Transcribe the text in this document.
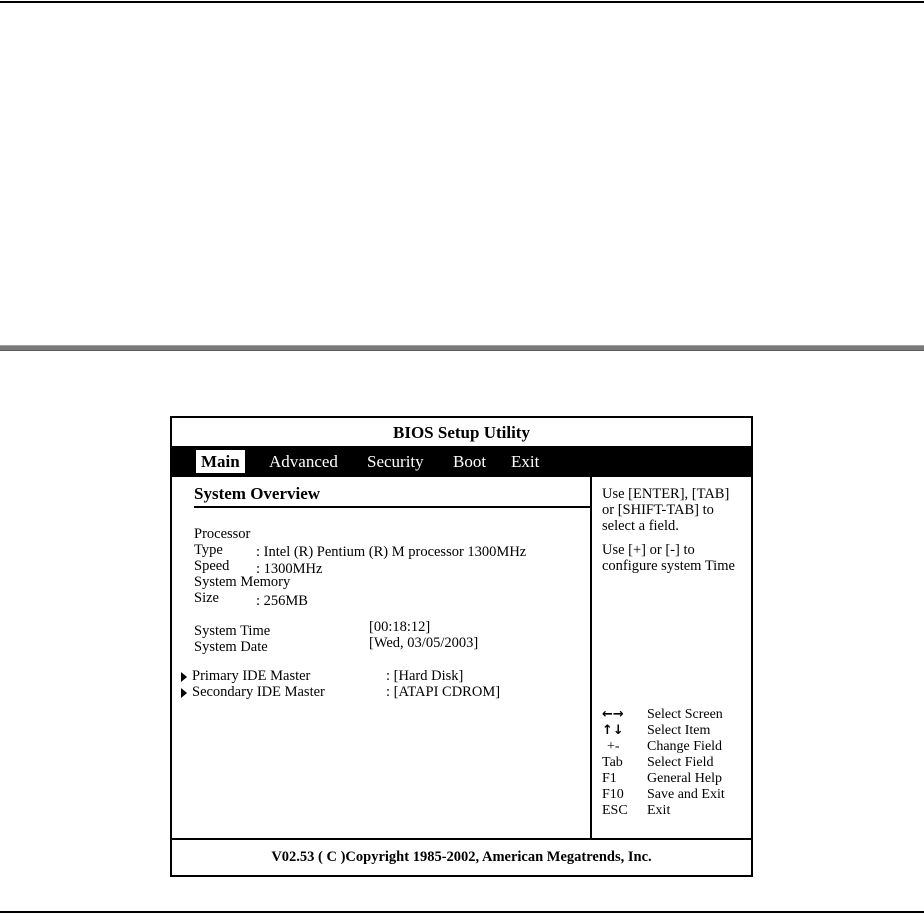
BIOS Setup Utility
Main Advanced Security Boot Exit
System Overview
Processor
Type : Intel (R) Pentium (R) M processor 1300MHz
Speed : 1300MHz
System Memory
Size	: 256MB
System Time	[00:18:12]
System Date	[Wed, 03/05/2003]
Primary IDE Master	: [Hard Disk]
Secondary IDE Master	: [ATAPI CDROM]
Use [ENTER], [TAB]
or [SHIFT-TAB] to
select a field.
Use [+] or [-] to
configure system Time
←→	Select Screen
↑↓	Select Item
+-	Change Field
Tab	Select Field
F1	General Help
F10	Save and Exit
ESC	Exit
V02.53 ( C )Copyright 1985-2002, American Megatrends, Inc.
